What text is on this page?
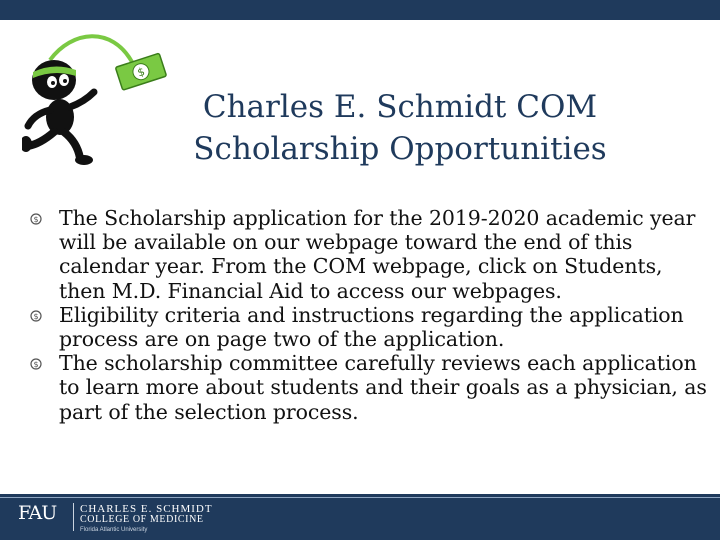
$
Charles E. Schmidt COM
Scholarship Opportunities
$ The Scholarship application for the 2019-2020 academic year will be available on our webpage toward the end of this calendar year. From the COM webpage, click on Students, then M.D. Financial Aid to access our webpages.
$ Eligibility criteria and instructions regarding the application process are on page two of the application.
$ The scholarship committee carefully reviews each application to learn more about students and their goals as a physician, as part of the selection process.
FAU CHARLES E. SCHMIDT
COLLEGE OF MEDICINE
Florida Atlantic University
